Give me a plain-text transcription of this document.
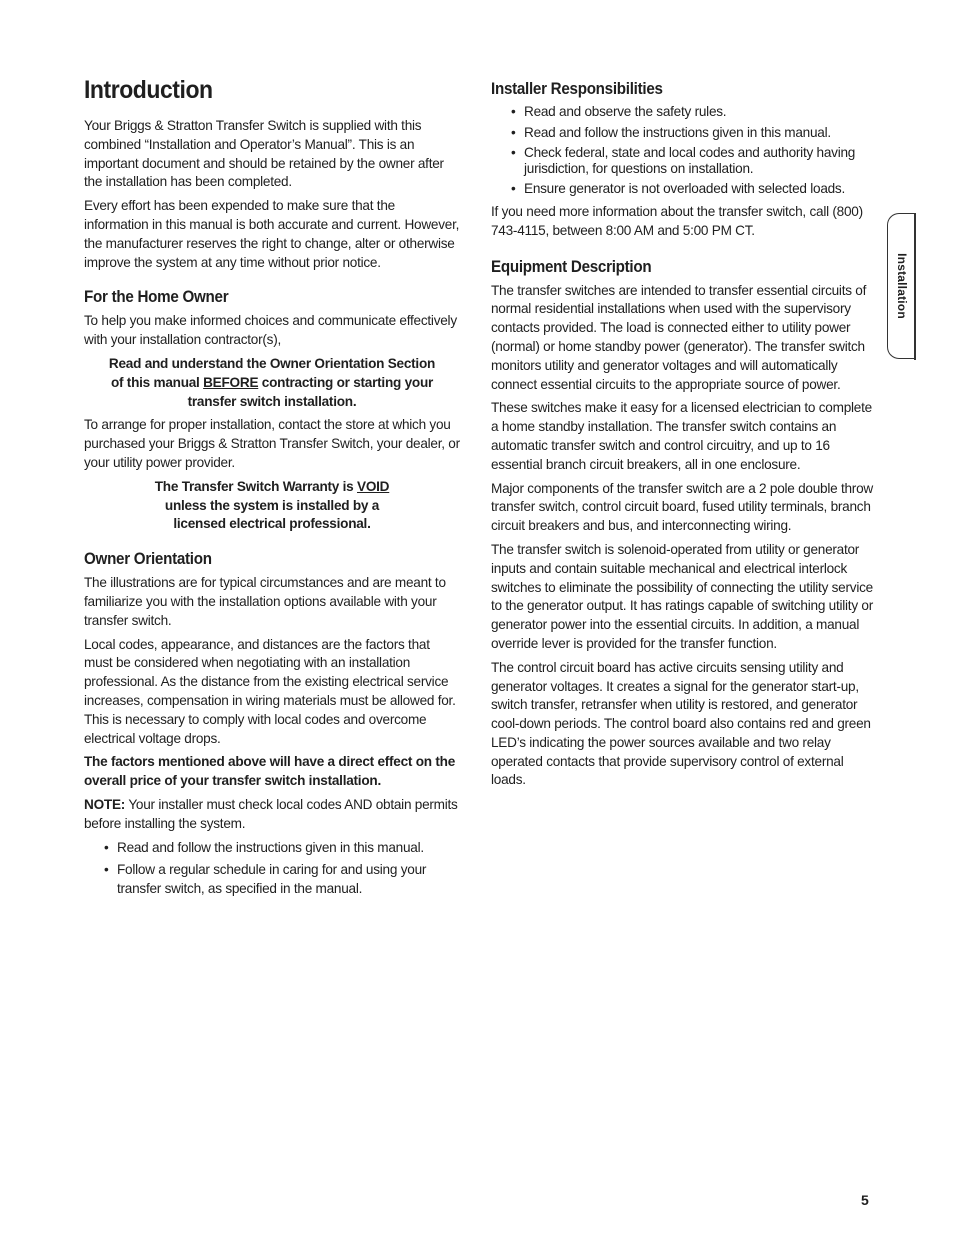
Introduction

Your Briggs & Stratton Transfer Switch is supplied with this combined “Installation and Operator’s Manual”. This is an important document and should be retained by the owner after the installation has been completed.

Every effort has been expended to make sure that the information in this manual is both accurate and current. However, the manufacturer reserves the right to change, alter or otherwise improve the system at any time without prior notice.

For the Home Owner

To help you make informed choices and communicate effectively with your installation contractor(s),

Read and understand the Owner Orientation Section
of this manual BEFORE contracting or starting your
transfer switch installation.

To arrange for proper installation, contact the store at which you purchased your Briggs & Stratton Transfer Switch, your dealer, or your utility power provider.

The Transfer Switch Warranty is VOID
unless the system is installed by a
licensed electrical professional.

Owner Orientation

The illustrations are for typical circumstances and are meant to familiarize you with the installation options available with your transfer switch.

Local codes, appearance, and distances are the factors that must be considered when negotiating with an installation professional. As the distance from the existing electrical service increases, compensation in wiring materials must be allowed for. This is necessary to comply with local codes and overcome electrical voltage drops.

The factors mentioned above will have a direct effect on the overall price of your transfer switch installation.

NOTE: Your installer must check local codes AND obtain permits before installing the system.

• Read and follow the instructions given in this manual.
• Follow a regular schedule in caring for and using your transfer switch, as specified in the manual.
Installer Responsibilities
• Read and observe the safety rules.
• Read and follow the instructions given in this manual.
• Check federal, state and local codes and authority having jurisdiction, for questions on installation.
• Ensure generator is not overloaded with selected loads.

If you need more information about the transfer switch, call (800) 743-4115, between 8:00 AM and 5:00 PM CT.

Equipment Description

The transfer switches are intended to transfer essential circuits of normal residential installations when used with the supervisory contacts provided. The load is connected either to utility power (normal) or home standby power (generator). The transfer switch monitors utility and generator voltages and will automatically connect essential circuits to the appropriate source of power.

These switches make it easy for a licensed electrician to complete a home standby installation. The transfer switch contains an automatic transfer switch and control circuitry, and up to 16 essential branch circuit breakers, all in one enclosure.

Major components of the transfer switch are a 2 pole double throw transfer switch, control circuit board, fused utility terminals, branch circuit breakers and bus, and interconnecting wiring.

The transfer switch is solenoid-operated from utility or generator inputs and contain suitable mechanical and electrical interlock switches to eliminate the possibility of connecting the utility service to the generator output. It has ratings capable of switching utility or generator power into the essential circuits. In addition, a manual override lever is provided for the transfer function.

The control circuit board has active circuits sensing utility and generator voltages. It creates a signal for the generator start-up, switch transfer, retransfer when utility is restored, and generator cool-down periods. The control board also contains red and green LED’s indicating the power sources available and two relay operated contacts that provide supervisory control of external loads.

Installation
5
